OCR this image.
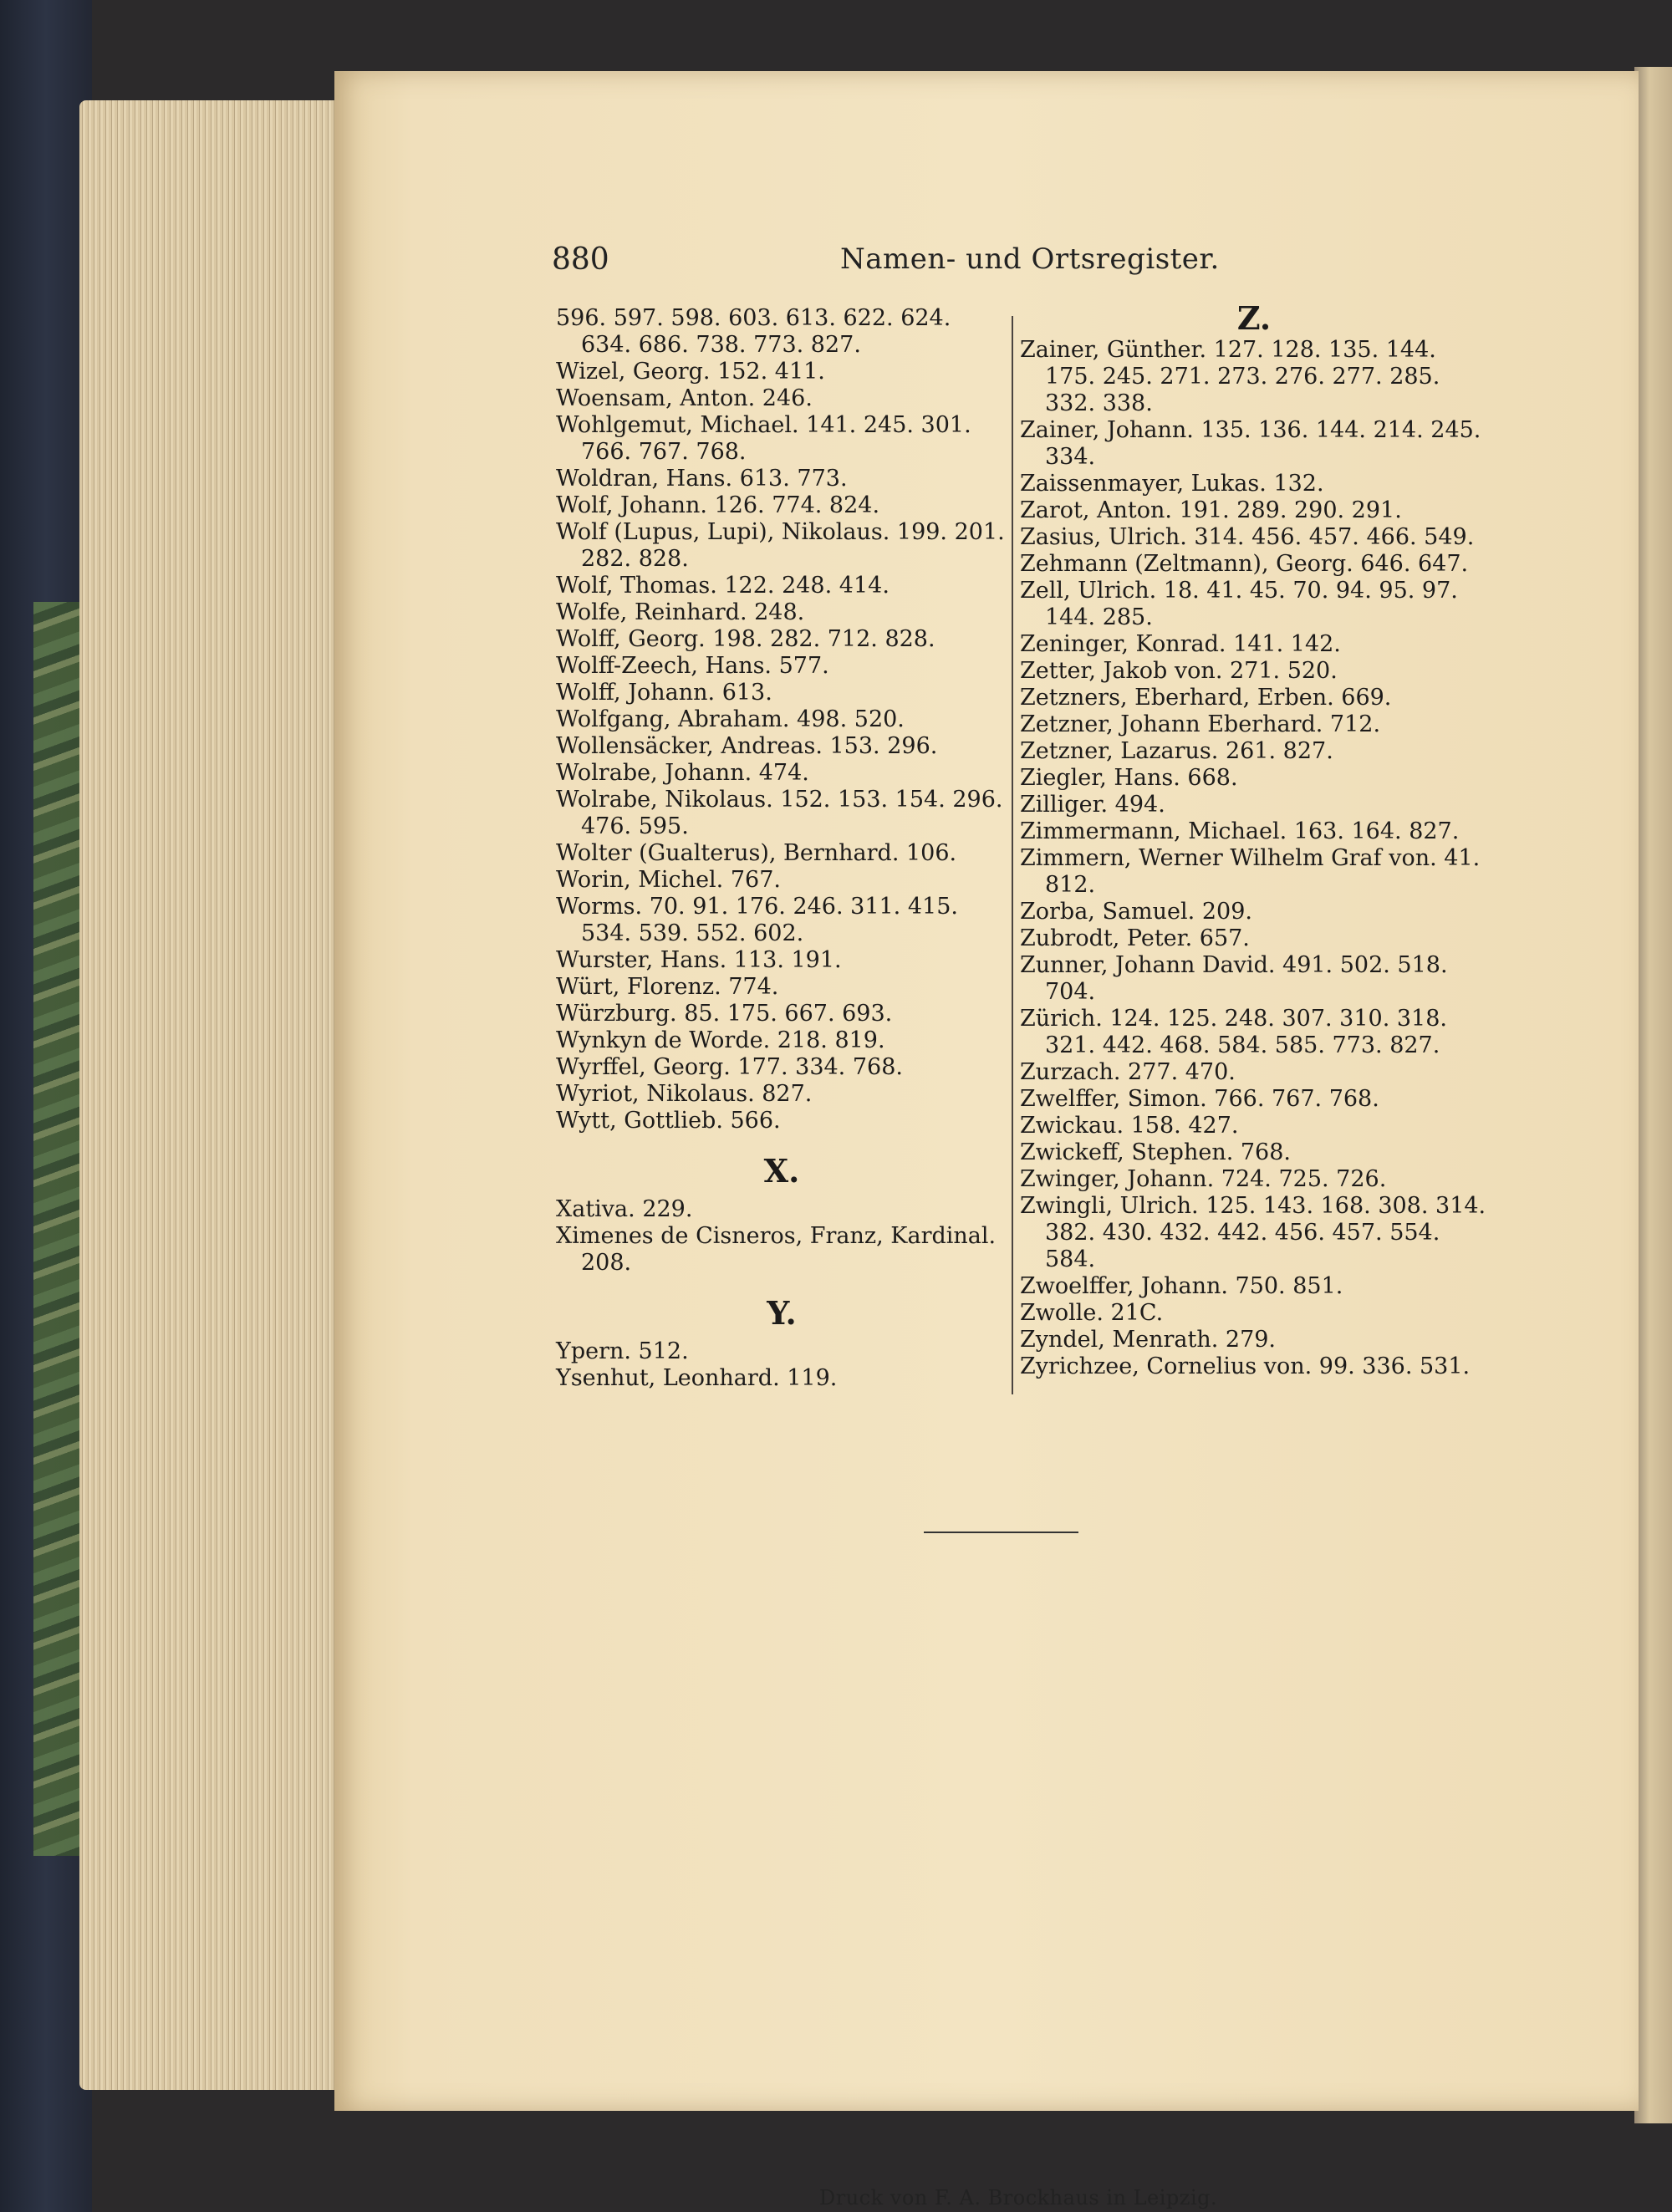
880	Namen- und Ortsregister.

596. 597. 598. 603. 613. 622. 624. 634. 686. 738. 773. 827.

Wizel, Georg. 152. 411.

Woensam, Anton. 246.

Wohlgemut, Michael. 141. 245. 301. 766. 767. 768.

Woldran, Hans. 613. 773.

Wolf, Johann. 126. 774. 824.

Wolf (Lupus, Lupi), Nikolaus. 199. 201. 282. 828.

Wolf, Thomas. 122. 248. 414.

Wolfe, Reinhard. 248.

Wolff, Georg. 198. 282. 712. 828.

Wolff-Zeech, Hans. 577.

Wolff, Johann. 613.

Wolfgang, Abraham. 498. 520.

Wollensäcker, Andreas. 153. 296.

Wolrabe, Johann. 474.

Wolrabe, Nikolaus. 152. 153. 154. 296. 476. 595.

Wolter (Gualterus), Bernhard. 106.

Worin, Michel. 767.

Worms. 70. 91. 176. 246. 311. 415. 534. 539. 552. 602.

Wurster, Hans. 113. 191.

Würt, Florenz. 774.

Würzburg. 85. 175. 667. 693.

Wynkyn de Worde. 218. 819.

Wyrffel, Georg. 177. 334. 768.

Wyriot, Nikolaus. 827.

Wytt, Gottlieb. 566.

X.

Xativa. 229.

Ximenes de Cisneros, Franz, Kardinal. 208.

Y.

Ypern. 512.

Ysenhut, Leonhard. 119.

Z.

Zainer, Günther. 127. 128. 135. 144. 175. 245. 271. 273. 276. 277. 285. 332. 338.

Zainer, Johann. 135. 136. 144. 214. 245. 334.

Zaissenmayer, Lukas. 132.

Zarot, Anton. 191. 289. 290. 291.

Zasius, Ulrich. 314. 456. 457. 466. 549.

Zehmann (Zeltmann), Georg. 646. 647.

Zell, Ulrich. 18. 41. 45. 70. 94. 95. 97. 144. 285.

Zeninger, Konrad. 141. 142.

Zetter, Jakob von. 271. 520.

Zetzners, Eberhard, Erben. 669.

Zetzner, Johann Eberhard. 712.

Zetzner, Lazarus. 261. 827.

Ziegler, Hans. 668.

Zilliger. 494.

Zimmermann, Michael. 163. 164. 827.

Zimmern, Werner Wilhelm Graf von. 41. 812.

Zorba, Samuel. 209.

Zubrodt, Peter. 657.

Zunner, Johann David. 491. 502. 518. 704.

Zürich. 124. 125. 248. 307. 310. 318. 321. 442. 468. 584. 585. 773. 827.

Zurzach. 277. 470.

Zwelffer, Simon. 766. 767. 768.

Zwickau. 158. 427.

Zwickeff, Stephen. 768.

Zwinger, Johann. 724. 725. 726.

Zwingli, Ulrich. 125. 143. 168. 308. 314. 382. 430. 432. 442. 456. 457. 554. 584.

Zwoelffer, Johann. 750. 851.

Zwolle. 21C.

Zyndel, Menrath. 279.

Zyrichzee, Cornelius von. 99. 336. 531.

Druck von F. A. Brockhaus in Leipzig.
